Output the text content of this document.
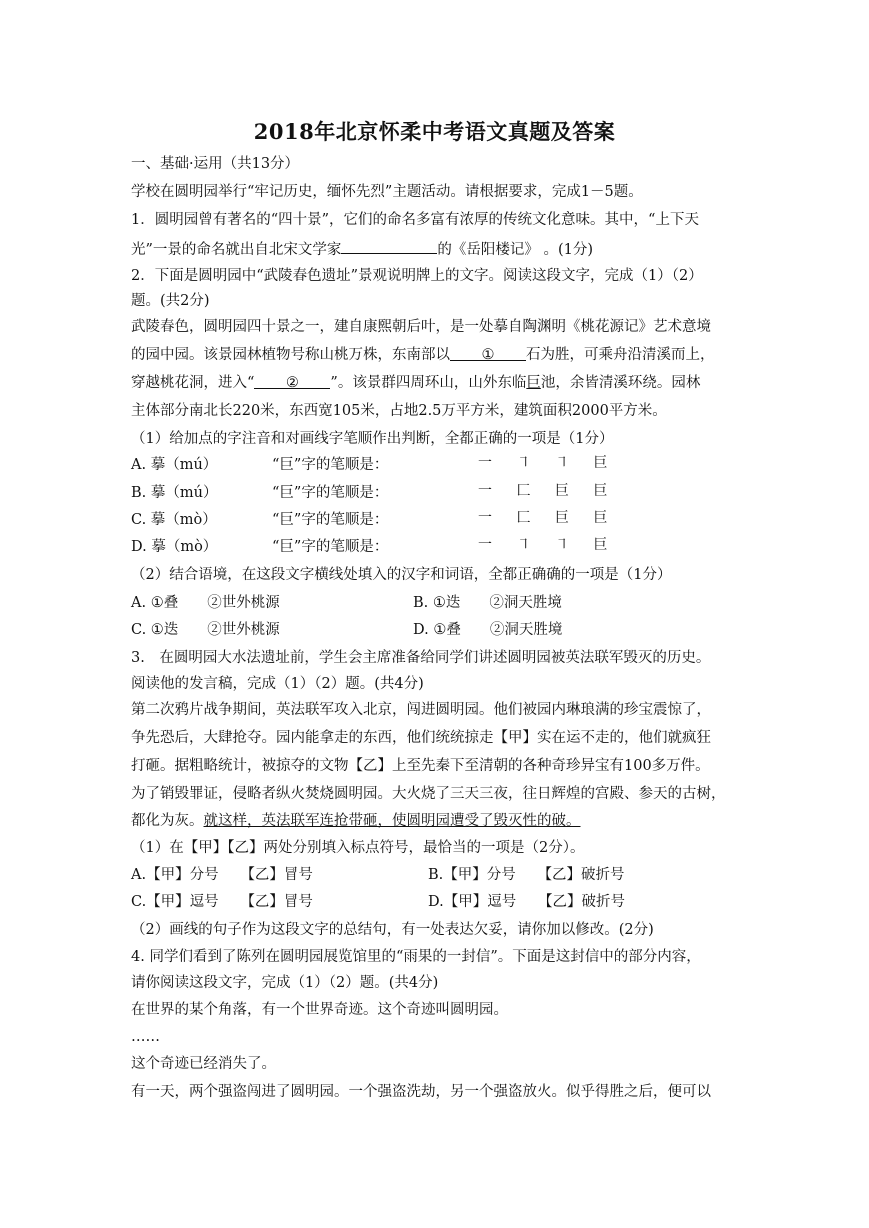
2018年北京怀柔中考语文真题及答案
一、基础·运用（共13分）
学校在圆明园举行“牢记历史，缅怀先烈”主题活动。请根据要求，完成1－5题。
1．圆明园曾有著名的“四十景”，它们的命名多富有浓厚的传统文化意味。其中，“上下天
光”一景的命名就出自北宋文学家	的《岳阳楼记》 。(1分)
2．下面是圆明园中“武陵春色遗址”景观说明牌上的文字。阅读这段文字，完成（1）（2）
题。(共2分)
武陵春色，圆明园四十景之一，建自康熙朝后叶，是一处摹自陶渊明《桃花源记》艺术意境
的园中园。该景园林植物号称山桃万株，东南部以 ① 石为胜，可乘舟沿清溪而上，
穿越桃花洞，进入“ ② ”。该景群四周环山，山外东临巨池，余皆清溪环绕。园林
主体部分南北长220米，东西宽105米，占地2.5万平方米，建筑面积2000平方米。
（1）给加点的字注音和对画线字笔顺作出判断，全都正确的一项是（1分）
A. 摹（mú）	“巨”字的笔顺是：	一 ㇕ ㇕ 巨
B. 摹（mú）	“巨”字的笔顺是：	一 匚 巨 巨
C. 摹（mò）	“巨”字的笔顺是：	一 匚 巨 巨
D. 摹（mò）	“巨”字的笔顺是：	一 ㇕ ㇕ 巨
（2）结合语境，在这段文字横线处填入的汉字和词语，全都正确确的一项是（1分）
A. ①叠　　②世外桃源	B. ①迭　　②洞天胜境
C. ①迭　　②世外桃源	D. ①叠　　②洞天胜境
3.　在圆明园大水法遗址前，学生会主席准备给同学们讲述圆明园被英法联军毁灭的历史。
阅读他的发言稿，完成（1）（2）题。(共4分)
第二次鸦片战争期间，英法联军攻入北京，闯进圆明园。他们被园内琳琅满的珍宝震惊了，
争先恐后，大肆抢夺。园内能拿走的东西，他们统统掠走【甲】实在运不走的，他们就疯狂
打砸。据粗略统计，被掠夺的文物【乙】上至先秦下至清朝的各种奇珍异宝有100多万件。
为了销毁罪证，侵略者纵火焚烧圆明园。大火烧了三天三夜，往日辉煌的宫殿、参天的古树，
都化为灰。就这样，英法联军连抢带砸，使圆明园遭受了毁灭性的破。
（1）在【甲】【乙】两处分别填入标点符号，最恰当的一项是（2分）。
A.【甲】分号　　【乙】冒号	B.【甲】分号　　【乙】破折号
C.【甲】逗号　　【乙】冒号	D.【甲】逗号　　【乙】破折号
（2）画线的句子作为这段文字的总结句，有一处表达欠妥，请你加以修改。(2分)
4. 同学们看到了陈列在圆明园展览馆里的“雨果的一封信”。下面是这封信中的部分内容，
请你阅读这段文字，完成（1）（2）题。(共4分)
在世界的某个角落，有一个世界奇迹。这个奇迹叫圆明园。
……
这个奇迹已经消失了。
有一天，两个强盗闯进了圆明园。一个强盗洗劫，另一个强盗放火。似乎得胜之后，便可以
